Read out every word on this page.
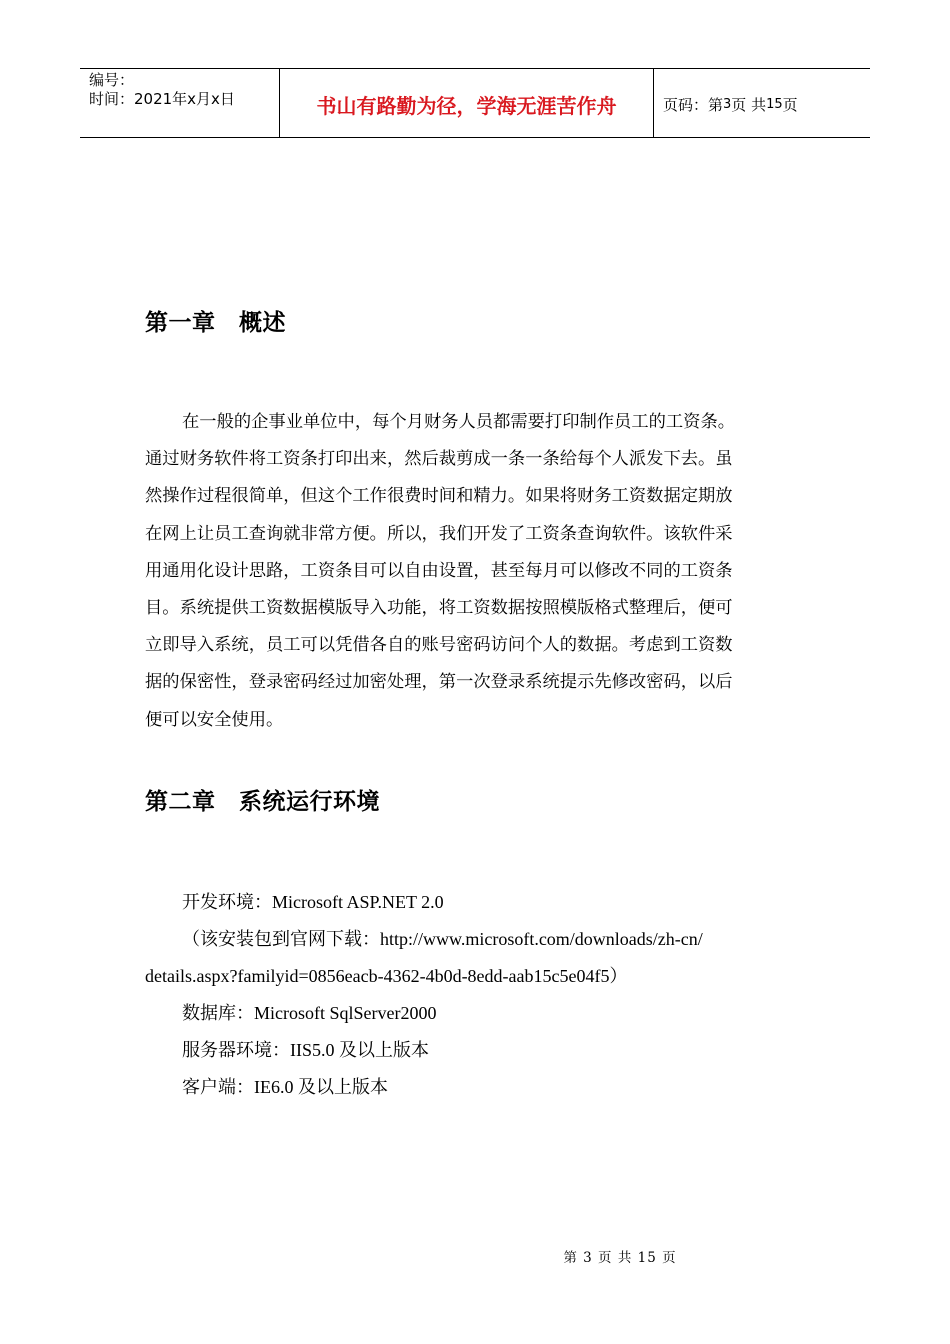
编号：
时间：2021年x月x日	书山有路勤为径，学海无涯苦作舟	页码：第 3 页 共 15 页
第一章　概述
在一般的企事业单位中，每个月财务人员都需要打印制作员工的工资条。
通过财务软件将工资条打印出来，然后裁剪成一条一条给每个人派发下去。虽
然操作过程很简单，但这个工作很费时间和精力。如果将财务工资数据定期放
在网上让员工查询就非常方便。所以，我们开发了工资条查询软件。该软件采
用通用化设计思路，工资条目可以自由设置，甚至每月可以修改不同的工资条
目。系统提供工资数据模版导入功能，将工资数据按照模版格式整理后，便可
立即导入系统，员工可以凭借各自的账号密码访问个人的数据。考虑到工资数
据的保密性，登录密码经过加密处理，第一次登录系统提示先修改密码，以后
便可以安全使用。
第二章　系统运行环境
开发环境：Microsoft ASP.NET 2.0
（该安装包到官网下载：http://www.microsoft.com/downloads/zh-cn/
details.aspx?familyid=0856eacb-4362-4b0d-8edd-aab15c5e04f5）
数据库：Microsoft SqlServer2000
服务器环境：IIS5.0 及以上版本
客户端：IE6.0 及以上版本
第 3 页 共 15 页
